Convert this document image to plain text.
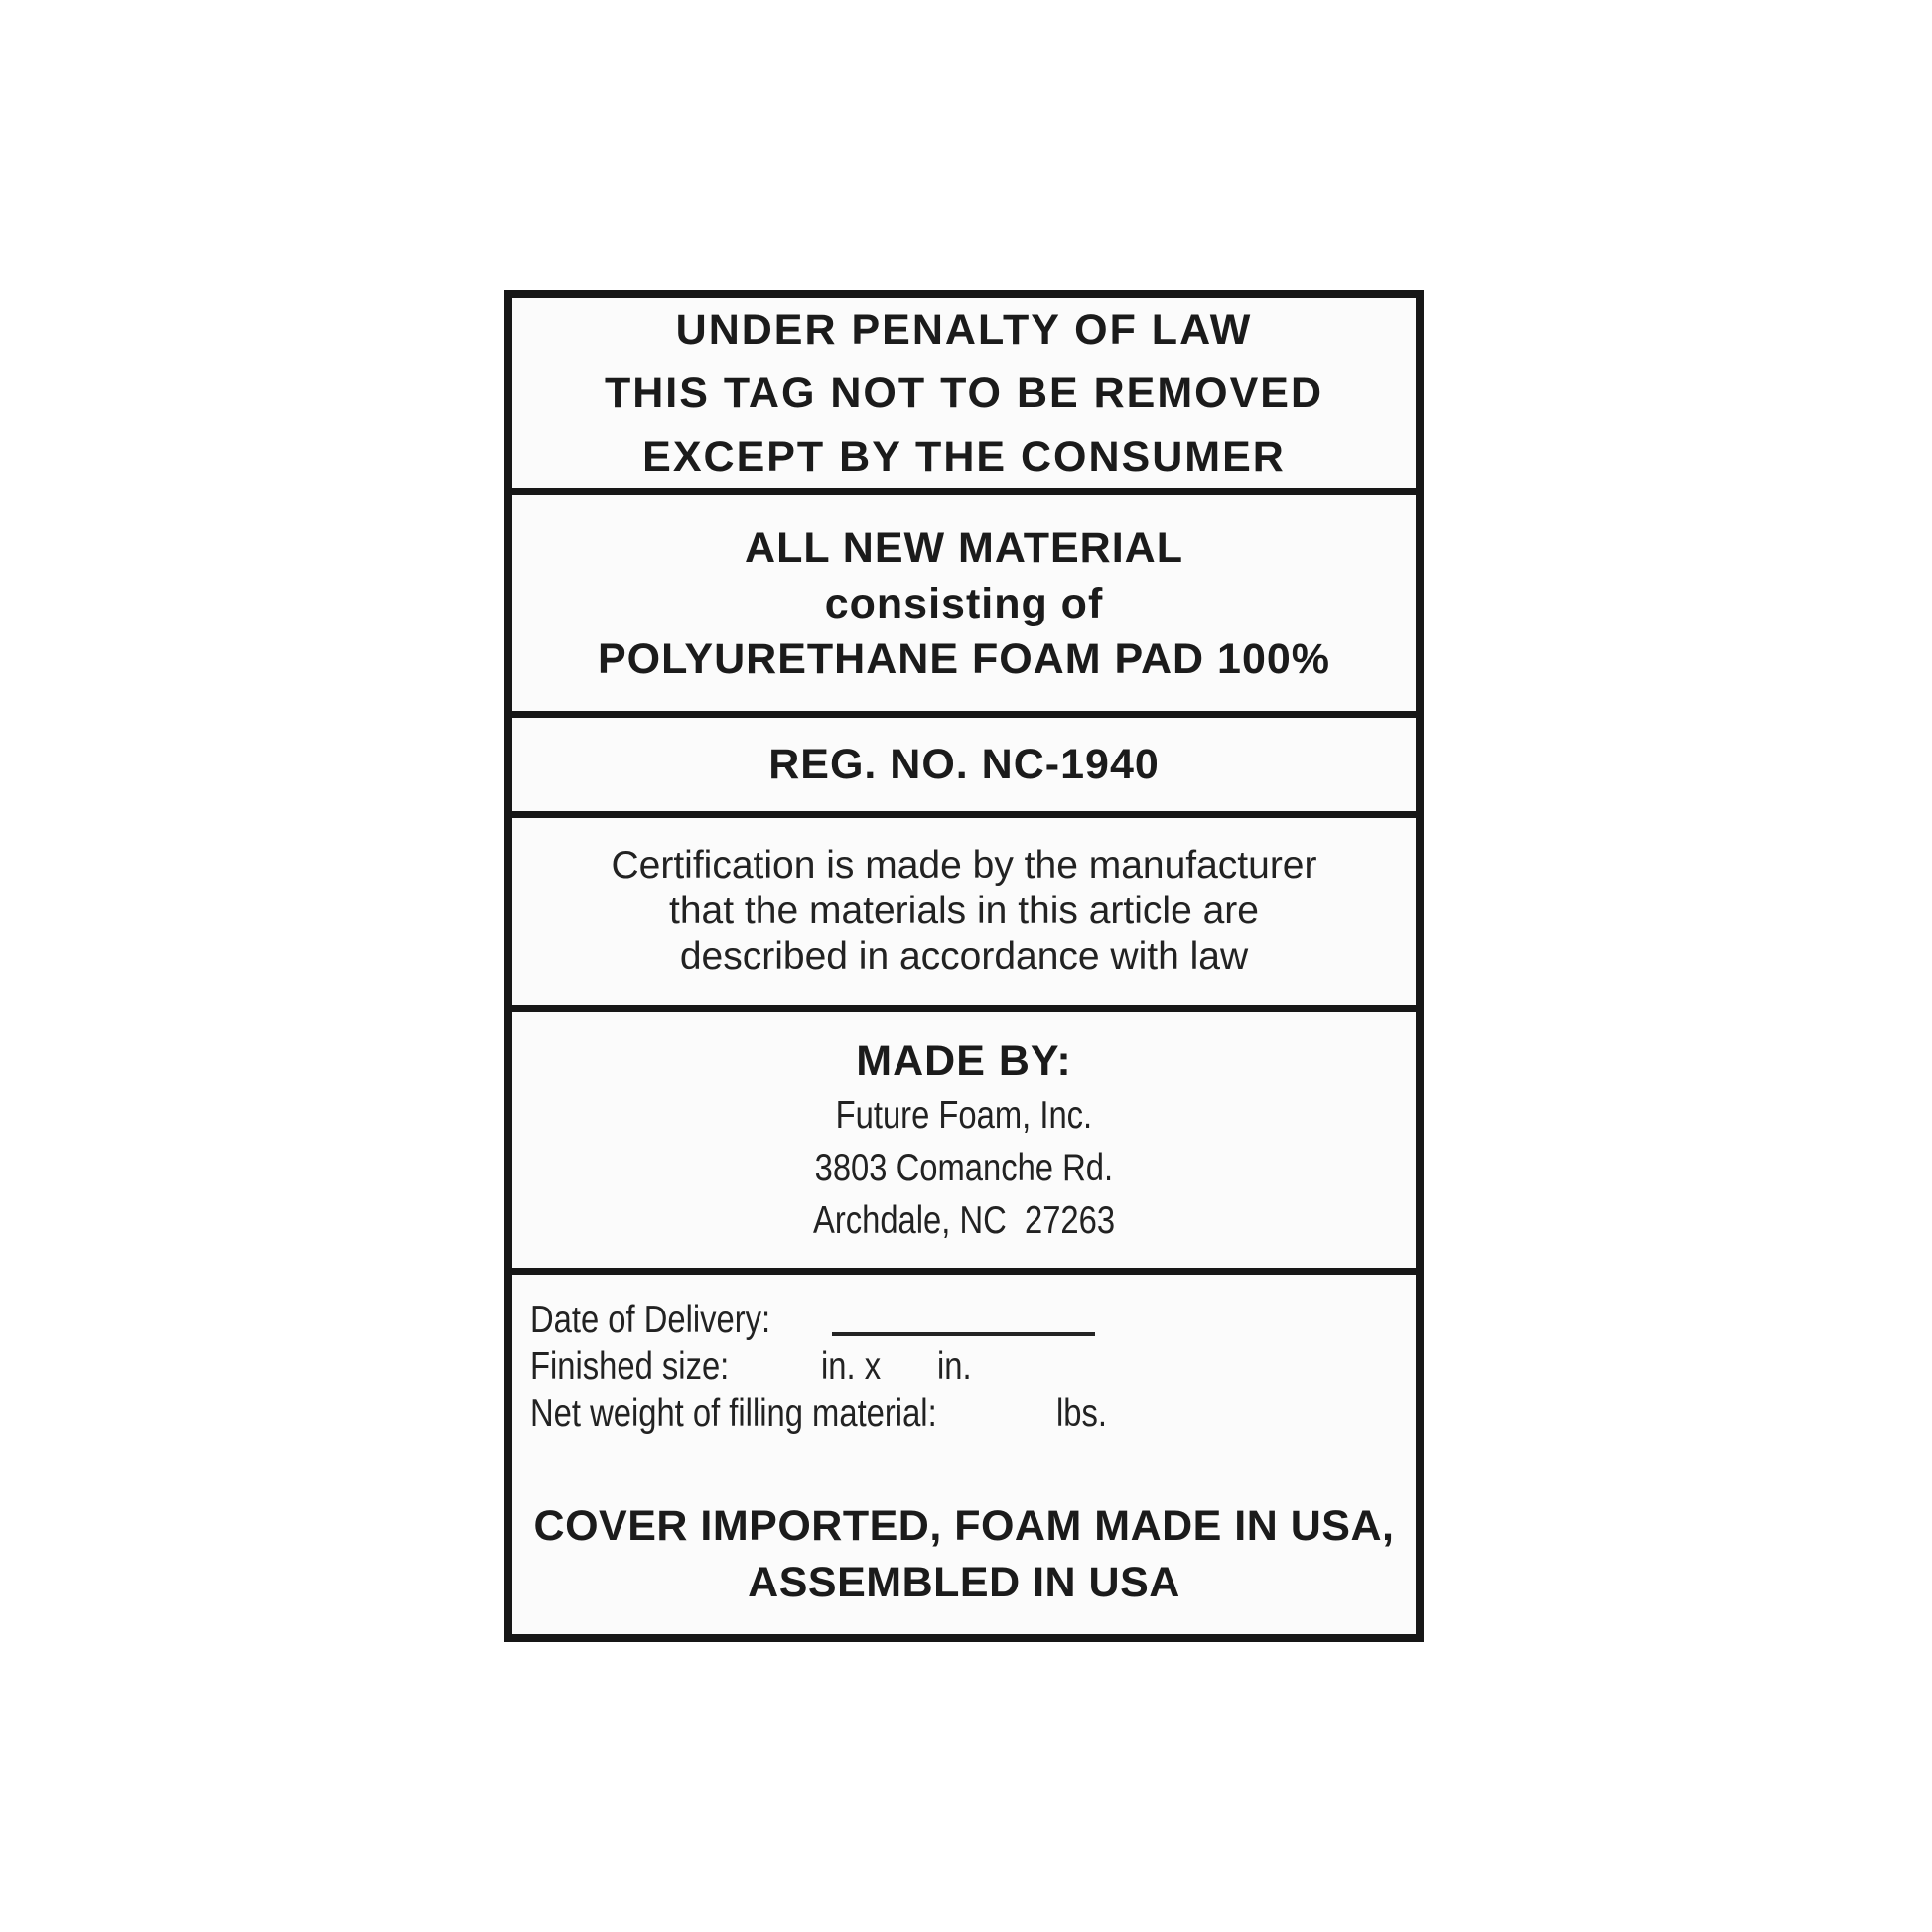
UNDER PENALTY OF LAW
THIS TAG NOT TO BE REMOVED
EXCEPT BY THE CONSUMER
ALL NEW MATERIAL
consisting of
POLYURETHANE FOAM PAD 100%
REG. NO. NC-1940
Certification is made by the manufacturer
that the materials in this article are
described in accordance with law
MADE BY:
Future Foam, Inc.
3803 Comanche Rd.
Archdale, NC  27263
Date of Delivery:
Finished size: in. x in.
Net weight of filling material:	lbs.
COVER IMPORTED, FOAM MADE IN USA,
ASSEMBLED IN USA
